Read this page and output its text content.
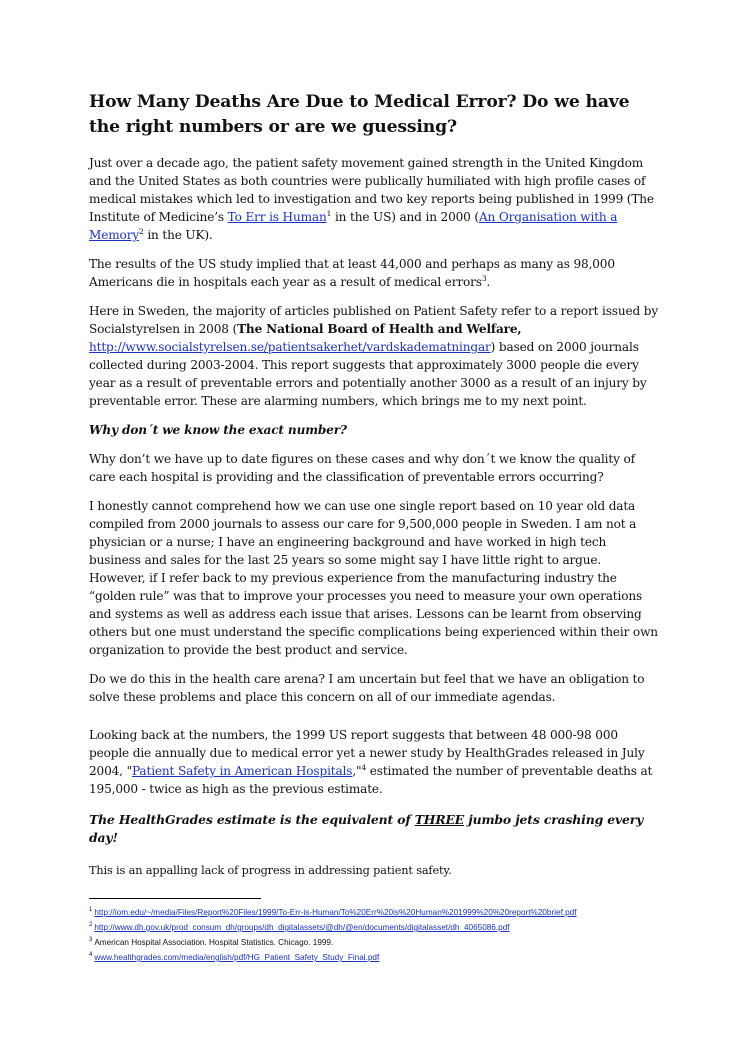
How Many Deaths Are Due to Medical Error? Do we have the right numbers or are we guessing?

Just over a decade ago, the patient safety movement gained strength in the United Kingdom and the United States as both countries were publically humiliated with high profile cases of medical mistakes which led to investigation and two key reports being published in 1999 (The Institute of Medicine’s To Err is Human$^1$ in the US) and in 2000 (An Organisation with a Memory$^2$ in the UK).

The results of the US study implied that at least 44,000 and perhaps as many as 98,000 Americans die in hospitals each year as a result of medical errors$^3$.

Here in Sweden, the majority of articles published on Patient Safety refer to a report issued by Socialstyrelsen in 2008 (The National Board of Health and Welfare,
http://www.socialstyrelsen.se/patientsakerhet/vardskadematningar) based on 2000 journals collected during 2003-2004. This report suggests that approximately 3000 people die every year as a result of preventable errors and potentially another 3000 as a result of an injury by preventable error. These are alarming numbers, which brings me to my next point.

Why don´t we know the exact number?

Why don’t we have up to date figures on these cases and why don´t we know the quality of care each hospital is providing and the classification of preventable errors occurring?

I honestly cannot comprehend how we can use one single report based on 10 year old data compiled from 2000 journals to assess our care for 9,500,000 people in Sweden. I am not a physician or a nurse; I have an engineering background and have worked in high tech business and sales for the last 25 years so some might say I have little right to argue. However, if I refer back to my previous experience from the manufacturing industry the “golden rule” was that to improve your processes you need to measure your own operations and systems as well as address each issue that arises. Lessons can be learnt from observing others but one must understand the specific complications being experienced within their own organization to provide the best product and service.

Do we do this in the health care arena? I am uncertain but feel that we have an obligation to solve these problems and place this concern on all of our immediate agendas.

Looking back at the numbers, the 1999 US report suggests that between 48 000-98 000 people die annually due to medical error yet a newer study by HealthGrades released in July 2004, "Patient Safety in American Hospitals,"$^4$ estimated the number of preventable deaths at 195,000 - twice as high as the previous estimate.

The HealthGrades estimate is the equivalent of THREE jumbo jets crashing every day!

This is an appalling lack of progress in addressing patient safety.

$^1$ http://iom.edu/~/media/Files/Report%20Files/1999/To-Err-is-Human/To%20Err%20is%20Human%201999%20%20report%20brief.pdf
$^2$ http://www.dh.gov.uk/prod_consum_dh/groups/dh_digitalassets/@dh/@en/documents/digitalasset/dh_4065086.pdf
$^3$ American Hospital Association. Hospital Statistics. Chicago. 1999.
$^4$ www.healthgrades.com/media/english/pdf/HG_Patient_Safety_Study_Final.pdf
